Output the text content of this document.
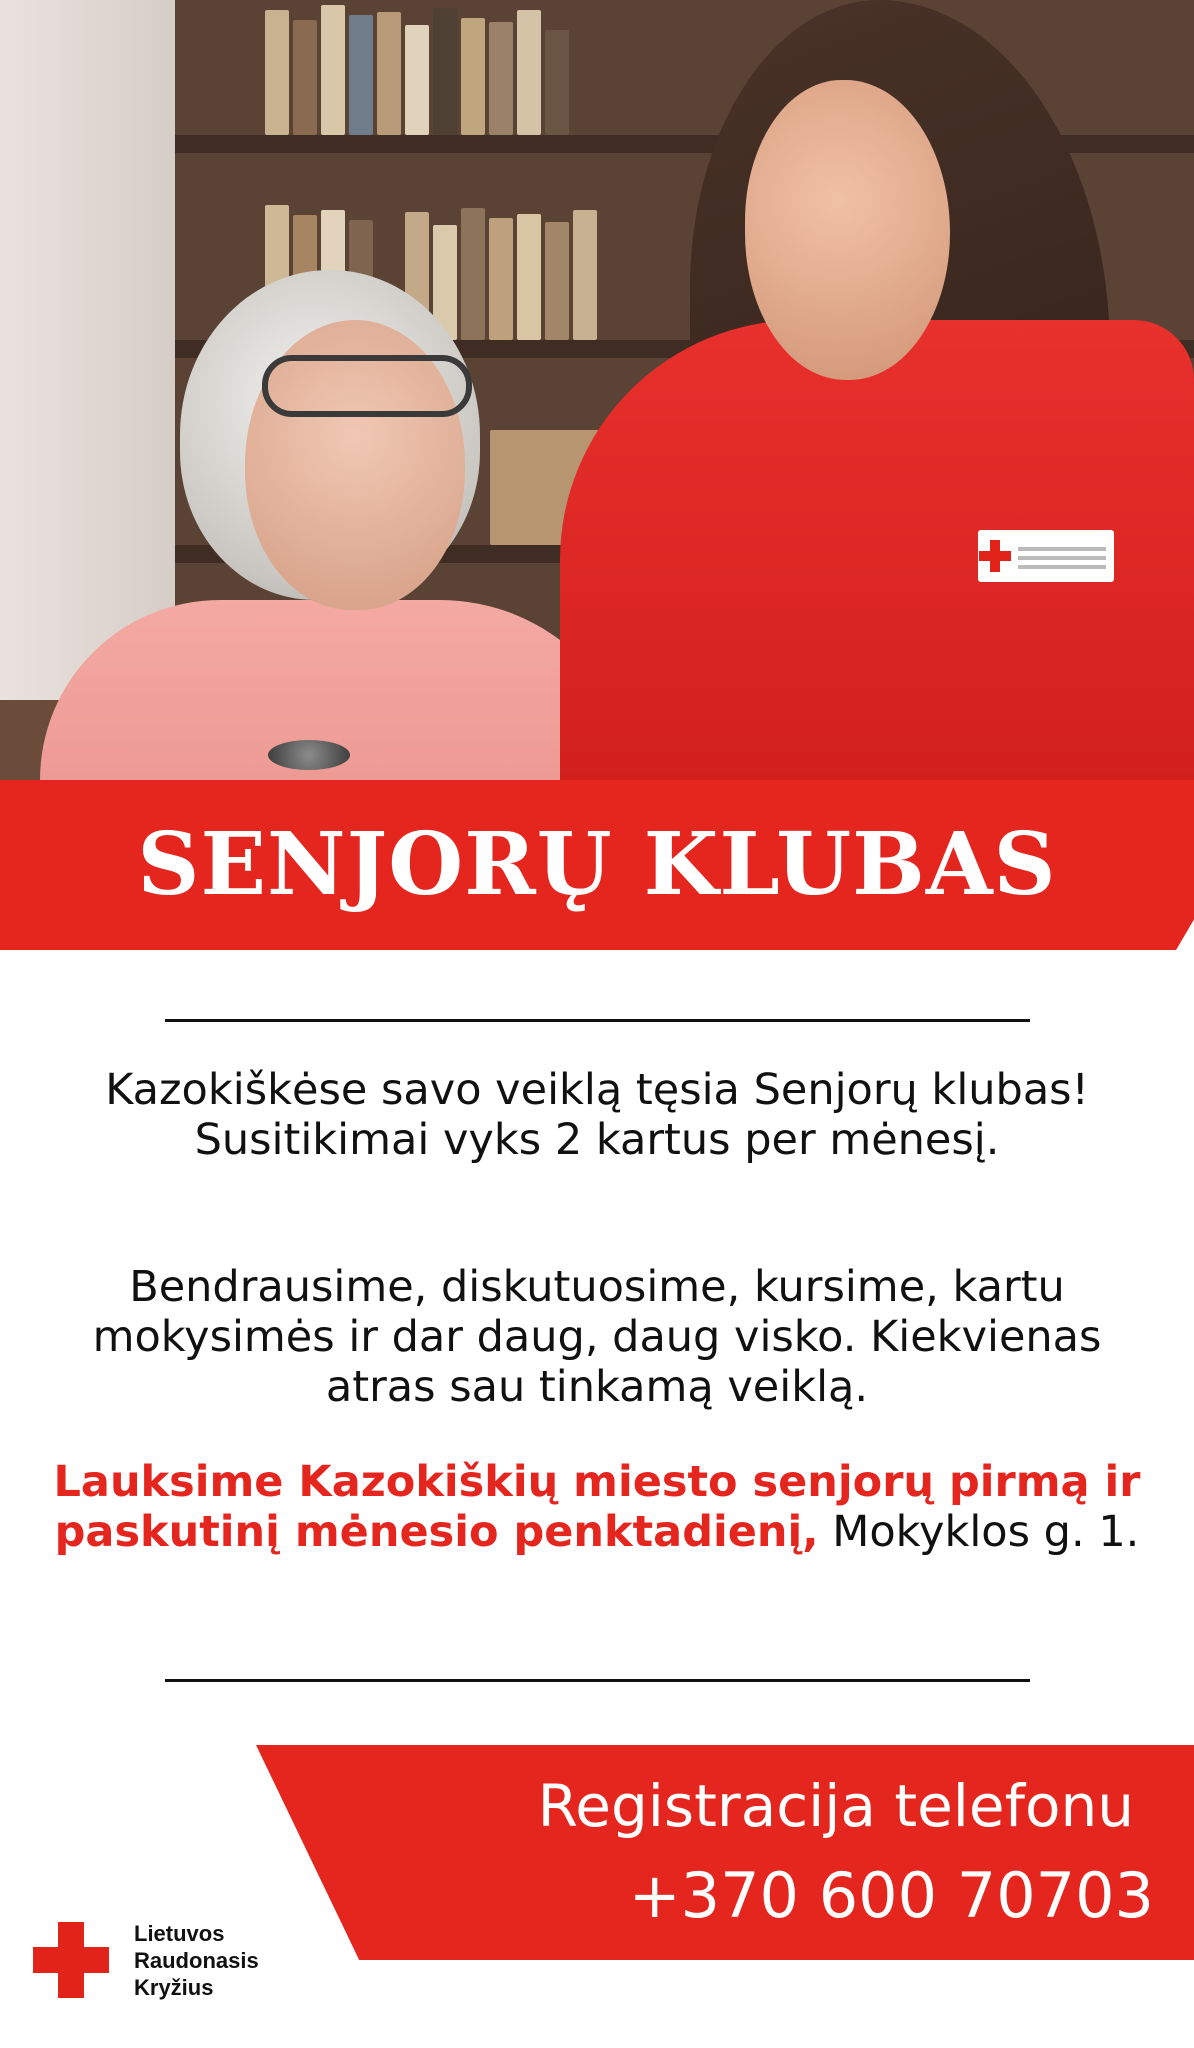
SENJORŲ KLUBAS

Kazokiškėse savo veiklą tęsia Senjorų klubas! Susitikimai vyks 2 kartus per mėnesį.

Bendrausime, diskutuosime, kursime, kartu mokysimės ir dar daug, daug visko. Kiekvienas atras sau tinkamą veiklą.

Lauksime Kazokiškių miesto senjorų pirmą ir paskutinį mėnesio penktadienį, Mokyklos g. 1.

Registracija telefonu
+370 600 70703
Lietuvos
Raudonasis
Kryžius
